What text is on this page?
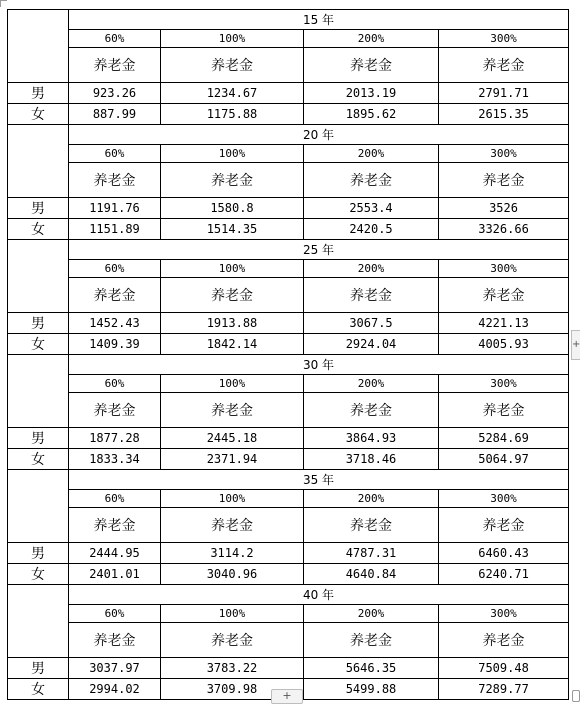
	15 年			
	60%	100%	200%	300%
	养老金	养老金	养老金	养老金
男	923.26	1234.67	2013.19	2791.71
女	887.99	1175.88	1895.62	2615.35
	20 年			
	60%	100%	200%	300%
	养老金	养老金	养老金	养老金
男	1191.76	1580.8	2553.4	3526
女	1151.89	1514.35	2420.5	3326.66
	25 年			
	60%	100%	200%	300%
	养老金	养老金	养老金	养老金
男	1452.43	1913.88	3067.5	4221.13
女	1409.39	1842.14	2924.04	4005.93
	30 年			
	60%	100%	200%	300%
	养老金	养老金	养老金	养老金
男	1877.28	2445.18	3864.93	5284.69
女	1833.34	2371.94	3718.46	5064.97
	35 年			
	60%	100%	200%	300%
	养老金	养老金	养老金	养老金
男	2444.95	3114.2	4787.31	6460.43
女	2401.01	3040.96	4640.84	6240.71
	40 年			
	60%	100%	200%	300%
	养老金	养老金	养老金	养老金
男	3037.97	3783.22	5646.35	7509.48
女	2994.02	3709.98	5499.88	7289.77
+
+
